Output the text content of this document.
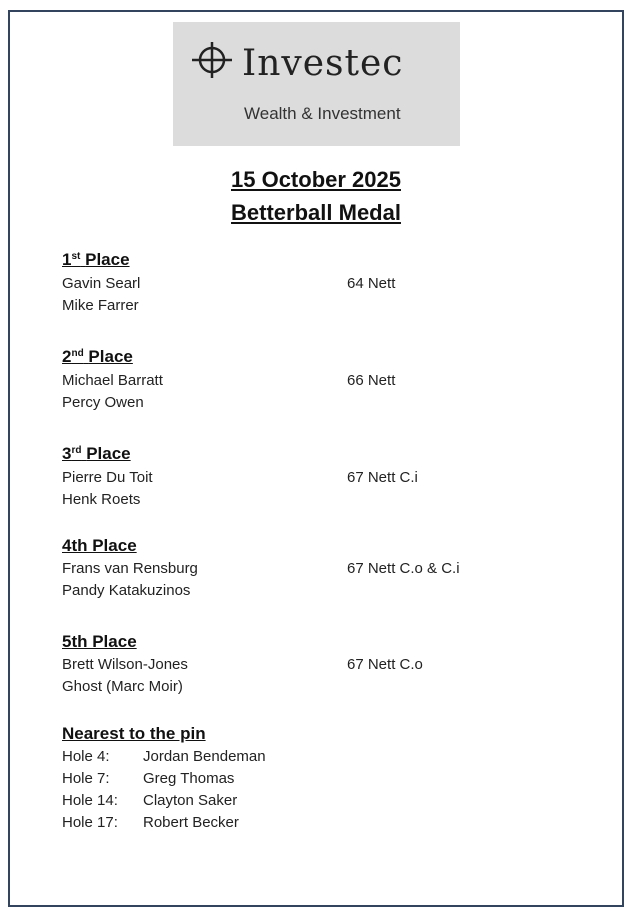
Investec
Wealth & Investment
15 October 2025
Betterball Medal
1st Place
Gavin Searl	64 Nett
Mike Farrer
2nd Place
Michael Barratt	66 Nett
Percy Owen
3rd Place
Pierre Du Toit	67 Nett C.i
Henk Roets
4th Place
Frans van Rensburg	67 Nett C.o & C.i
Pandy Katakuzinos
5th Place
Brett Wilson-Jones	67 Nett C.o
Ghost (Marc Moir)
Nearest to the pin
Hole 4: Jordan Bendeman
Hole 7: Greg Thomas
Hole 14: Clayton Saker
Hole 17: Robert Becker
